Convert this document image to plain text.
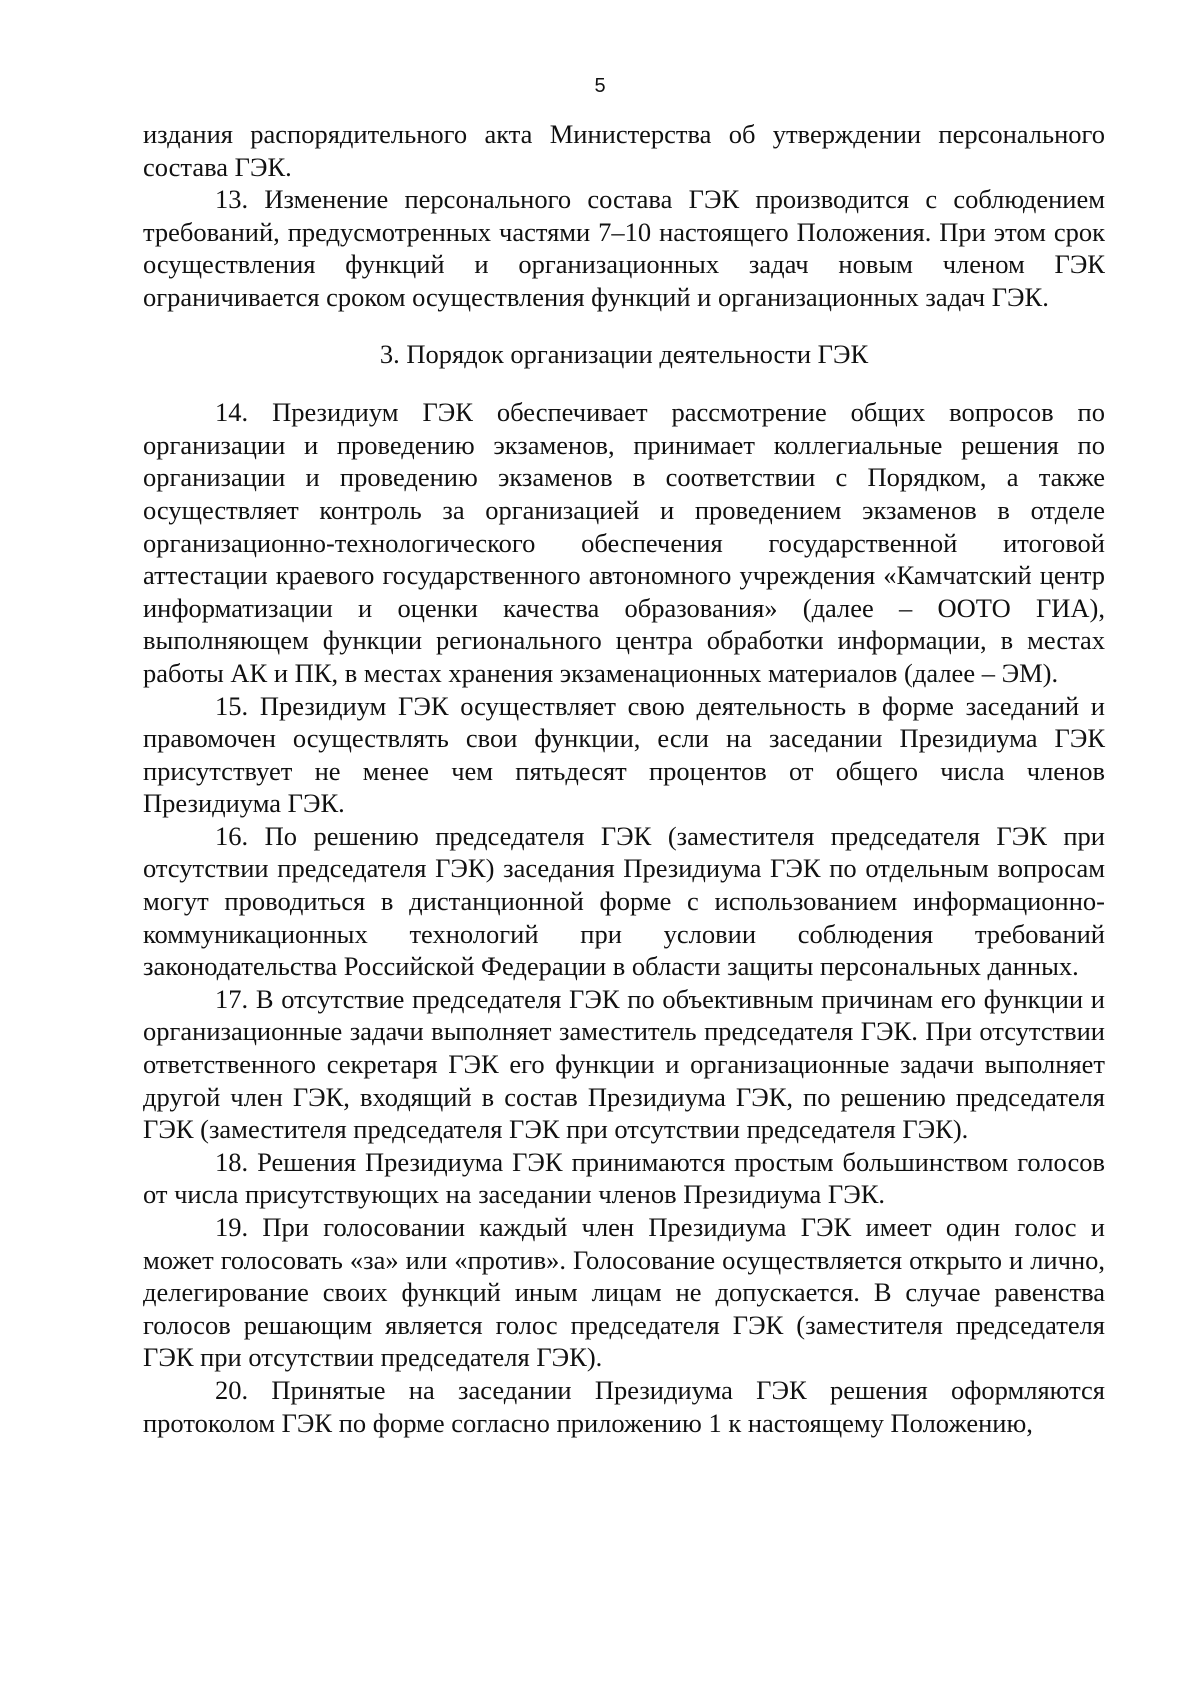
5

издания распорядительного акта Министерства об утверждении персонального состава ГЭК.

13. Изменение персонального состава ГЭК производится с соблюдением требований, предусмотренных частями 7–10 настоящего Положения. При этом срок осуществления функций и организационных задач новым членом ГЭК ограничивается сроком осуществления функций и организационных задач ГЭК.

3. Порядок организации деятельности ГЭК

14. Президиум ГЭК обеспечивает рассмотрение общих вопросов по организации и проведению экзаменов, принимает коллегиальные решения по организации и проведению экзаменов в соответствии с Порядком, а также осуществляет контроль за организацией и проведением экзаменов в отделе организационно-технологического обеспечения государственной итоговой аттестации краевого государственного автономного учреждения «Камчатский центр информатизации и оценки качества образования» (далее – ООТО ГИА), выполняющем функции регионального центра обработки информации, в местах работы АК и ПК, в местах хранения экзаменационных материалов (далее – ЭМ).

15. Президиум ГЭК осуществляет свою деятельность в форме заседаний и правомочен осуществлять свои функции, если на заседании Президиума ГЭК присутствует не менее чем пятьдесят процентов от общего числа членов Президиума ГЭК.

16. По решению председателя ГЭК (заместителя председателя ГЭК при отсутствии председателя ГЭК) заседания Президиума ГЭК по отдельным вопросам могут проводиться в дистанционной форме с использованием информационно-коммуникационных технологий при условии соблюдения требований законодательства Российской Федерации в области защиты персональных данных.

17. В отсутствие председателя ГЭК по объективным причинам его функции и организационные задачи выполняет заместитель председателя ГЭК. При отсутствии ответственного секретаря ГЭК его функции и организационные задачи выполняет другой член ГЭК, входящий в состав Президиума ГЭК, по решению председателя ГЭК (заместителя председателя ГЭК при отсутствии председателя ГЭК).

18. Решения Президиума ГЭК принимаются простым большинством голосов от числа присутствующих на заседании членов Президиума ГЭК.

19. При голосовании каждый член Президиума ГЭК имеет один голос и может голосовать «за» или «против». Голосование осуществляется открыто и лично, делегирование своих функций иным лицам не допускается. В случае равенства голосов решающим является голос председателя ГЭК (заместителя председателя ГЭК при отсутствии председателя ГЭК).

20. Принятые на заседании Президиума ГЭК решения оформляются протоколом ГЭК по форме согласно приложению 1 к настоящему Положению,
